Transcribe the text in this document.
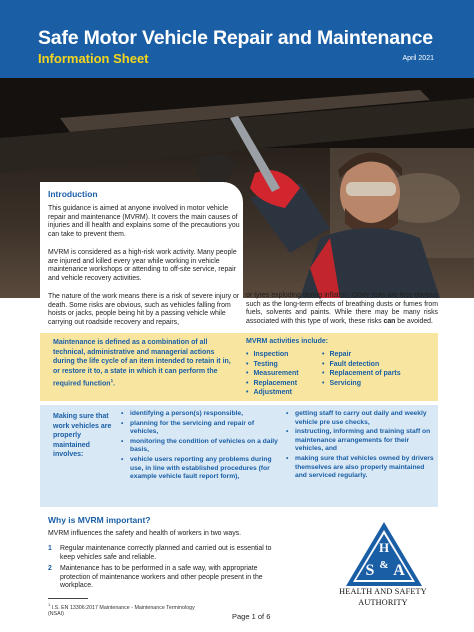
Safe Motor Vehicle Repair and Maintenance
Information Sheet	April 2021
Introduction
This guidance is aimed at anyone involved in motor vehicle repair and maintenance (MVRM). It covers the main causes of injuries and ill health and explains some of the precautions you can take to prevent them.
MVRM is considered as a high-risk work activity. Many people are injured and killed every year while working in vehicle maintenance workshops or attending to off-site service, repair and vehicle recovery activities.
The nature of the work means there is a risk of severe injury or death. Some risks are obvious, such as vehicles falling from hoists or jacks, people being hit by a passing vehicle while carrying out roadside recovery and repairs,
or tyres exploding during inflation. Other risks are less obvious such as the long-term effects of breathing dusts or fumes from fuels, solvents and paints. While there may be many risks associated with this type of work, these risks can be avoided.
Maintenance is defined as a combination of all technical, administrative and managerial actions during the life cycle of an item intended to retain it in, or restore it to, a state in which it can perform the required function$^1$.
MVRM activities include:
• Inspection
• Testing
• Measurement
• Replacement
• Adjustment
• Repair
• Fault detection
• Replacement of parts
• Servicing
Making sure that work vehicles are properly maintained involves:
• identifying a person(s) responsible,
• planning for the servicing and repair of vehicles,
• monitoring the condition of vehicles on a daily basis,
• vehicle users reporting any problems during use, in line with established procedures (for example vehicle fault report form),
• getting staff to carry out daily and weekly vehicle pre use checks,
• instructing, informing and training staff on maintenance arrangements for their vehicles, and
• making sure that vehicles owned by drivers themselves are also properly maintained and serviced regularly.
Why is MVRM important?
MVRM influences the safety and health of workers in two ways.
1 Regular maintenance correctly planned and carried out is essential to keep vehicles safe and reliable.
2 Maintenance has to be performed in a safe way, with appropriate protection of maintenance workers and other people present in the workplace.
$^1$ I.S. EN 13306:2017 Maintenance - Maintenance Terminology (NSAI)	Page 1 of 6
H
S & A
HEALTH AND SAFETY
AUTHORITY
